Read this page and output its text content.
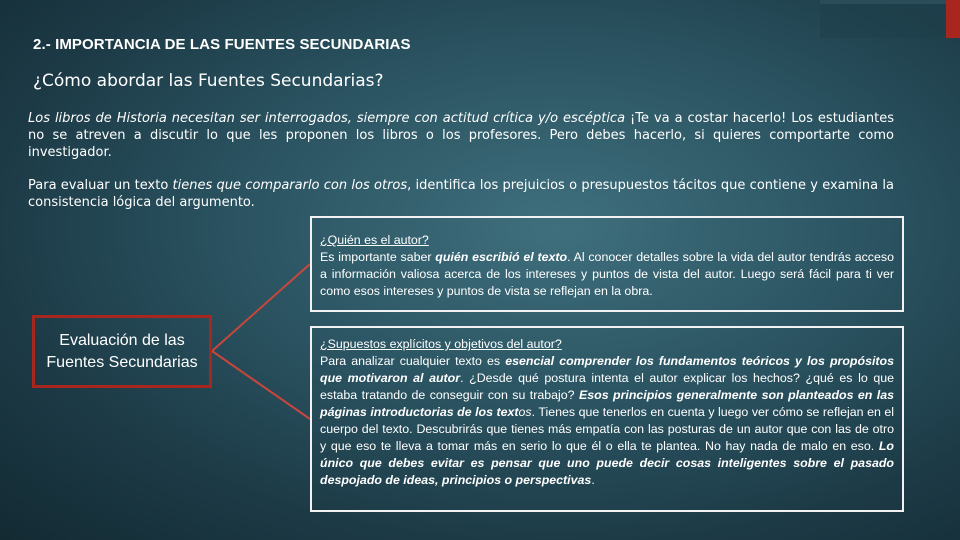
2.- IMPORTANCIA DE LAS FUENTES SECUNDARIAS
¿Cómo abordar las Fuentes Secundarias?

Los libros de Historia necesitan ser interrogados, siempre con actitud crítica y/o escéptica ¡Te va a costar hacerlo! Los estudiantes no se atreven a discutir lo que les proponen los libros o los profesores. Pero debes hacerlo, si quieres comportarte como investigador.

Para evaluar un texto tienes que compararlo con los otros, identifica los prejuicios o presupuestos tácitos que contiene y examina la consistencia lógica del argumento.

Evaluación de las Fuentes Secundarias
¿Quién es el autor?
Es importante saber quién escribió el texto. Al conocer detalles sobre la vida del autor tendrás acceso a información valiosa acerca de los intereses y puntos de vista del autor. Luego será fácil para ti ver como esos intereses y puntos de vista se reflejan en la obra.
¿Supuestos explícitos y objetivos del autor?
Para analizar cualquier texto es esencial comprender los fundamentos teóricos y los propósitos que motivaron al autor. ¿Desde qué postura intenta el autor explicar los hechos? ¿qué es lo que estaba tratando de conseguir con su trabajo? Esos principios generalmente son planteados en las páginas introductorias de los textos. Tienes que tenerlos en cuenta y luego ver cómo se reflejan en el cuerpo del texto. Descubrirás que tienes más empatía con las posturas de un autor que con las de otro y que eso te lleva a tomar más en serio lo que él o ella te plantea. No hay nada de malo en eso. Lo único que debes evitar es pensar que uno puede decir cosas inteligentes sobre el pasado despojado de ideas, principios o perspectivas.
